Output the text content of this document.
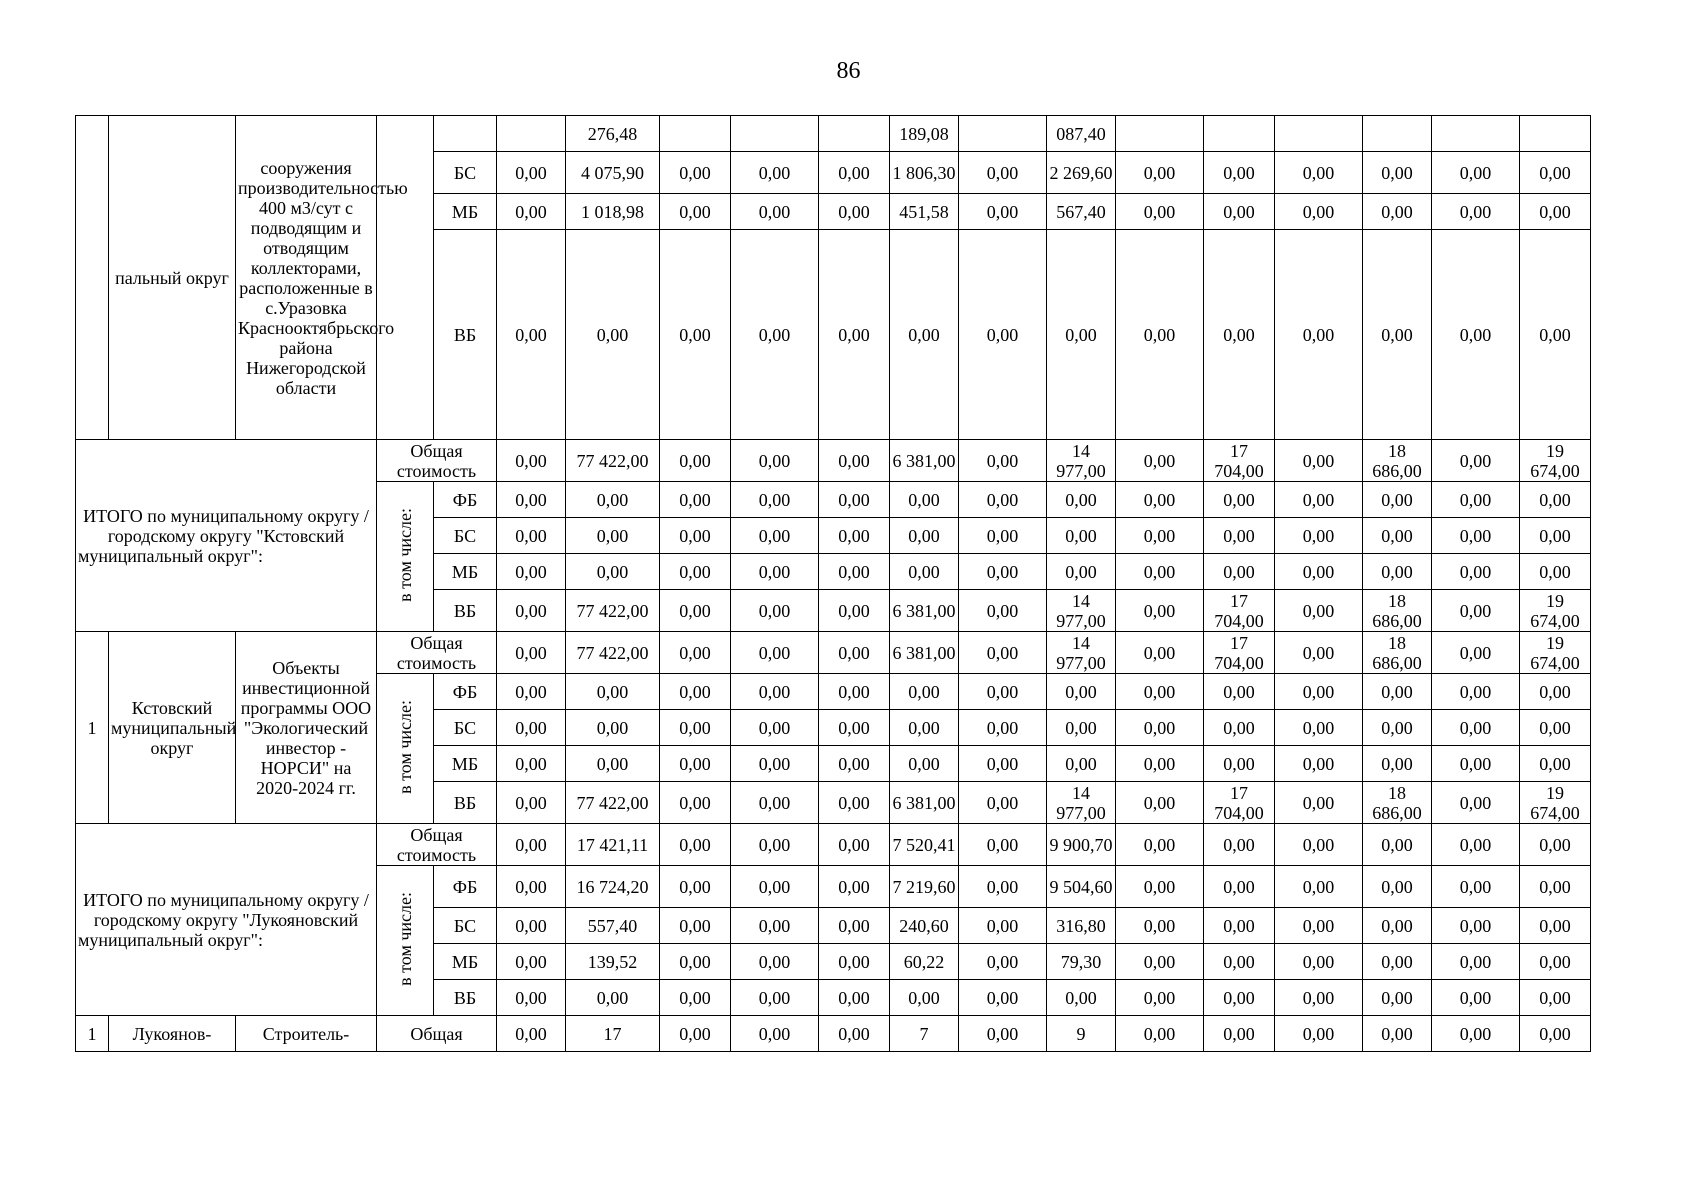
86
	пальный округ	сооружения производительностью 400 м3/сут с подводящим и отводящим коллекторами, расположенные в с.Уразовка Краснооктябрьского района Нижегородской области				276,48				189,08		087,40						
				БС	0,00	4 075,90	0,00	0,00	0,00	1 806,30	0,00	2 269,60	0,00	0,00	0,00	0,00	0,00	0,00
				МБ	0,00	1 018,98	0,00	0,00	0,00	451,58	0,00	567,40	0,00	0,00	0,00	0,00	0,00	0,00
				ВБ	0,00	0,00	0,00	0,00	0,00	0,00	0,00	0,00	0,00	0,00	0,00	0,00	0,00	0,00
ИТОГО по муниципальному округу / городскому округу "Кстовский муниципальный округ":			Общая стоимость		0,00	77 422,00	0,00	0,00	0,00	6 381,00	0,00	14 977,00	0,00	17 704,00	0,00	18 686,00	0,00	19 674,00
			в том числе:	ФБ	0,00	0,00	0,00	0,00	0,00	0,00	0,00	0,00	0,00	0,00	0,00	0,00	0,00	0,00
				БС	0,00	0,00	0,00	0,00	0,00	0,00	0,00	0,00	0,00	0,00	0,00	0,00	0,00	0,00
				МБ	0,00	0,00	0,00	0,00	0,00	0,00	0,00	0,00	0,00	0,00	0,00	0,00	0,00	0,00
				ВБ	0,00	77 422,00	0,00	0,00	0,00	6 381,00	0,00	14 977,00	0,00	17 704,00	0,00	18 686,00	0,00	19 674,00
1	Кстовский муниципальный округ	Объекты инвестиционной программы ООО "Экологический инвестор - НОРСИ" на 2020-2024 гг.	Общая стоимость		0,00	77 422,00	0,00	0,00	0,00	6 381,00	0,00	14 977,00	0,00	17 704,00	0,00	18 686,00	0,00	19 674,00
			в том числе:	ФБ	0,00	0,00	0,00	0,00	0,00	0,00	0,00	0,00	0,00	0,00	0,00	0,00	0,00	0,00
				БС	0,00	0,00	0,00	0,00	0,00	0,00	0,00	0,00	0,00	0,00	0,00	0,00	0,00	0,00
				МБ	0,00	0,00	0,00	0,00	0,00	0,00	0,00	0,00	0,00	0,00	0,00	0,00	0,00	0,00
				ВБ	0,00	77 422,00	0,00	0,00	0,00	6 381,00	0,00	14 977,00	0,00	17 704,00	0,00	18 686,00	0,00	19 674,00
ИТОГО по муниципальному округу / городскому округу "Лукояновский муниципальный округ":			Общая стоимость		0,00	17 421,11	0,00	0,00	0,00	7 520,41	0,00	9 900,70	0,00	0,00	0,00	0,00	0,00	0,00
			в том числе:	ФБ	0,00	16 724,20	0,00	0,00	0,00	7 219,60	0,00	9 504,60	0,00	0,00	0,00	0,00	0,00	0,00
				БС	0,00	557,40	0,00	0,00	0,00	240,60	0,00	316,80	0,00	0,00	0,00	0,00	0,00	0,00
				МБ	0,00	139,52	0,00	0,00	0,00	60,22	0,00	79,30	0,00	0,00	0,00	0,00	0,00	0,00
				ВБ	0,00	0,00	0,00	0,00	0,00	0,00	0,00	0,00	0,00	0,00	0,00	0,00	0,00	0,00
1	Лукоянов-	Строитель-	Общая		0,00	17	0,00	0,00	0,00	7	0,00	9	0,00	0,00	0,00	0,00	0,00	0,00
